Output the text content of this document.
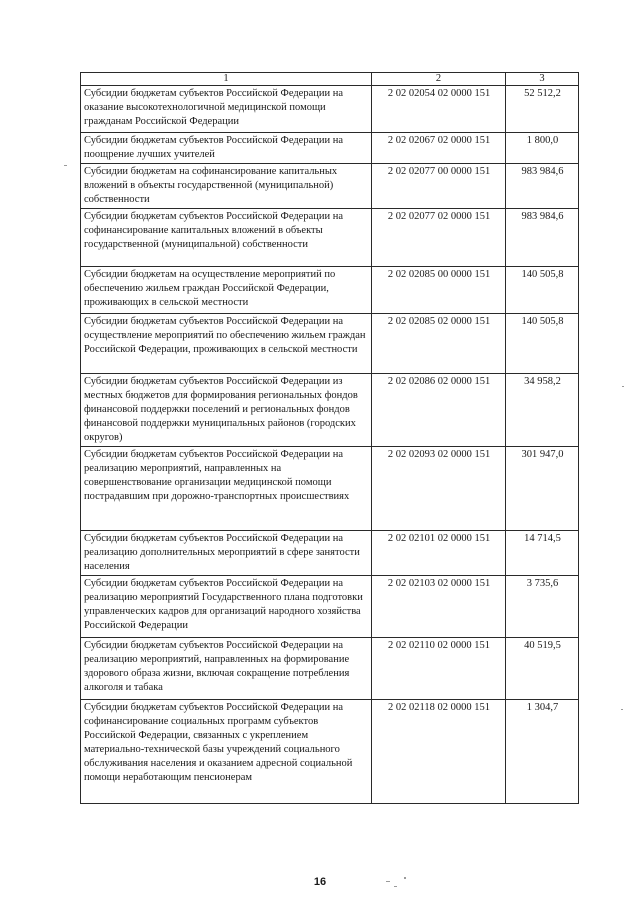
1	2	3
Субсидии бюджетам субъектов Российской Федерации на оказание высокотехнологичной медицинской помощи гражданам Российской Федерации	2 02 02054 02 0000 151	52 512,2
Субсидии бюджетам субъектов Российской Федерации на поощрение лучших учителей	2 02 02067 02 0000 151	1 800,0
Субсидии бюджетам на софинансирование капитальных вложений в объекты государственной (муниципальной) собственности	2 02 02077 00 0000 151	983 984,6
Субсидии бюджетам субъектов Российской Федерации на софинансирование капитальных вложений в объекты государственной (муниципальной) собственности	2 02 02077 02 0000 151	983 984,6
Субсидии бюджетам на осуществление мероприятий по обеспечению жильем граждан Российской Федерации, проживающих в сельской местности	2 02 02085 00 0000 151	140 505,8
Субсидии бюджетам субъектов Российской Федерации на осуществление мероприятий по обеспечению жильем граждан Российской Федерации, проживающих в сельской местности	2 02 02085 02 0000 151	140 505,8
Субсидии бюджетам субъектов Российской Федерации из местных бюджетов для формирования региональных фондов финансовой поддержки поселений и региональных фондов финансовой поддержки муниципальных районов (городских округов)	2 02 02086 02 0000 151	34 958,2
Субсидии бюджетам субъектов Российской Федерации на реализацию мероприятий, направленных на совершенствование организации медицинской помощи пострадавшим при дорожно-транспортных происшествиях	2 02 02093 02 0000 151	301 947,0
Субсидии бюджетам субъектов Российской Федерации на реализацию дополнительных мероприятий в сфере занятости населения	2 02 02101 02 0000 151	14 714,5
Субсидии бюджетам субъектов Российской Федерации на реализацию мероприятий Государственного плана подготовки управленческих кадров для организаций народного хозяйства Российской Федерации	2 02 02103 02 0000 151	3 735,6
Субсидии бюджетам субъектов Российской Федерации на реализацию мероприятий, направленных на формирование здорового образа жизни, включая сокращение потребления алкоголя и табака	2 02 02110 02 0000 151	40 519,5
Субсидии бюджетам субъектов Российской Федерации на софинансирование социальных программ субъектов Российской Федерации, связанных с укреплением материально-технической базы учреждений социального обслуживания населения и оказанием адресной социальной помощи неработающим пенсионерам	2 02 02118 02 0000 151	1 304,7
16
